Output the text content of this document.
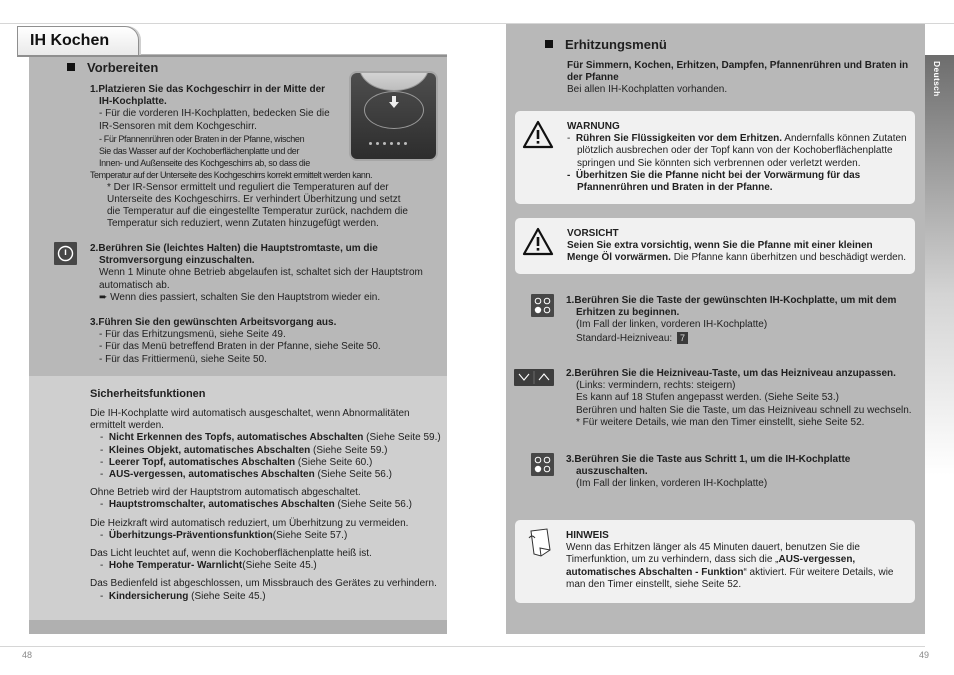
IH Kochen
Deutsch
Vorbereiten
1.Platzieren Sie das Kochgeschirr in der Mitte der
IH-Kochplatte.
- Für die vorderen IH-Kochplatten, bedecken Sie die
IR-Sensoren mit dem Kochgeschirr.
- Für Pfannenrühren oder Braten in der Pfanne, wischen
Sie das Wasser auf der Kochoberflächenplatte und der
Innen- und Außenseite des Kochgeschirrs ab, so dass die
Temperatur auf der Unterseite des Kochgeschirrs korrekt ermittelt werden kann.
* Der IR-Sensor ermittelt und reguliert die Temperaturen auf der
Unterseite des Kochgeschirrs. Er verhindert Überhitzung und setzt
die Temperatur auf die eingestellte Temperatur zurück, nachdem die
Temperatur sich reduziert, wenn Zutaten hinzugefügt werden.
2.Berühren Sie (leichtes Halten) die Hauptstromtaste, um die
Stromversorgung einzuschalten.
Wenn 1 Minute ohne Betrieb abgelaufen ist, schaltet sich der Hauptstrom
automatisch ab.
➨ Wenn dies passiert, schalten Sie den Hauptstrom wieder ein.
3.Führen Sie den gewünschten Arbeitsvorgang aus.
- Für das Erhitzungsmenü, siehe Seite 49.
- Für das Menü betreffend Braten in der Pfanne, siehe Seite 50.
- Für das Frittiermenü, siehe Seite 50.
Sicherheitsfunktionen
Die IH-Kochplatte wird automatisch ausgeschaltet, wenn Abnormalitäten
ermittelt werden.
-  Nicht Erkennen des Topfs, automatisches Abschalten (Siehe Seite 59.)
-  Kleines Objekt, automatisches Abschalten (Siehe Seite 59.)
-  Leerer Topf, automatisches Abschalten (Siehe Seite 60.)
-  AUS-vergessen, automatisches Abschalten (Siehe Seite 56.)
Ohne Betrieb wird der Hauptstrom automatisch abgeschaltet.
-  Hauptstromschalter, automatisches Abschalten (Siehe Seite 56.)
Die Heizkraft wird automatisch reduziert, um Überhitzung zu vermeiden.
-  Überhitzungs-Präventionsfunktion(Siehe Seite 57.)
Das Licht leuchtet auf, wenn die Kochoberflächenplatte heiß ist.
-  Hohe Temperatur- Warnlicht(Siehe Seite 45.)
Das Bedienfeld ist abgeschlossen, um Missbrauch des Gerätes zu verhindern.
-  Kindersicherung (Siehe Seite 45.)
48
Erhitzungsmenü
Für Simmern, Kochen, Erhitzen, Dampfen, Pfannenrühren und Braten in
der Pfanne
Bei allen IH-Kochplatten vorhanden.
WARNUNG
-  Rühren Sie Flüssigkeiten vor dem Erhitzen. Andernfalls können Zutaten
plötzlich ausbrechen oder der Topf kann von der Kochoberflächenplatte
springen und Sie könnten sich verbrennen oder verletzt werden.
-  Überhitzen Sie die Pfanne nicht bei der Vorwärmung für das
Pfannenrühren und Braten in der Pfanne.
VORSICHT
Seien Sie extra vorsichtig, wenn Sie die Pfanne mit einer kleinen
Menge Öl vorwärmen. Die Pfanne kann überhitzen und beschädigt werden.
1.Berühren Sie die Taste der gewünschten IH-Kochplatte, um mit dem
Erhitzen zu beginnen.
(Im Fall der linken, vorderen IH-Kochplatte)
Standard-Heizniveau: 7
2.Berühren Sie die Heizniveau-Taste, um das Heizniveau anzupassen.
(Links: vermindern, rechts: steigern)
Es kann auf 18 Stufen angepasst werden. (Siehe Seite 53.)
Berühren und halten Sie die Taste, um das Heizniveau schnell zu wechseln.
* Für weitere Details, wie man den Timer einstellt, siehe Seite 52.
3.Berühren Sie die Taste aus Schritt 1, um die IH-Kochplatte
auszuschalten.
(Im Fall der linken, vorderen IH-Kochplatte)
HINWEIS
Wenn das Erhitzen länger als 45 Minuten dauert, benutzen Sie die
Timerfunktion, um zu verhindern, dass sich die „AUS-vergessen,
automatisches Abschalten - Funktion“ aktiviert. Für weitere Details, wie
man den Timer einstellt, siehe Seite 52.
49
